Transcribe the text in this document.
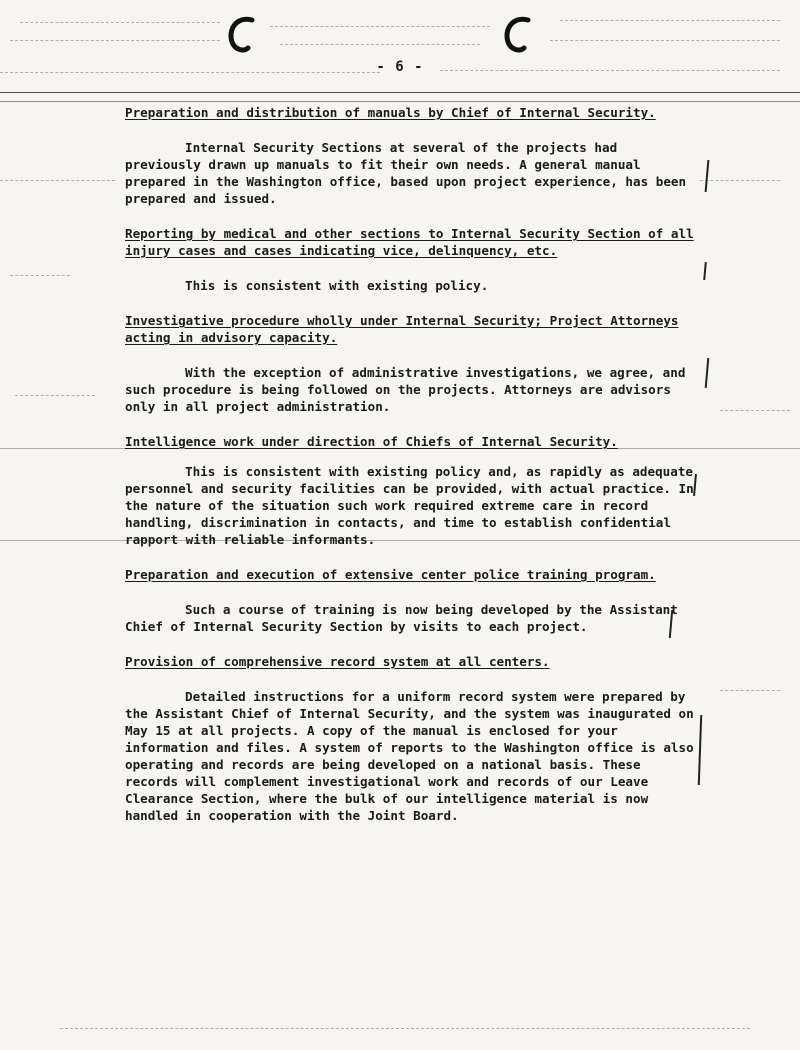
- 6 -

Preparation and distribution of manuals by Chief of Internal Security.

Internal Security Sections at several of the projects had previously drawn up manuals to fit their own needs. A general manual prepared in the Washington office, based upon project experience, has been prepared and issued.

Reporting by medical and other sections to Internal Security Section of all injury cases and cases indicating vice, delinquency, etc.

This is consistent with existing policy.

Investigative procedure wholly under Internal Security; Project Attorneys acting in advisory capacity.

With the exception of administrative investigations, we agree, and such procedure is being followed on the projects. Attorneys are advisors only in all project administration.

Intelligence work under direction of Chiefs of Internal Security.

This is consistent with existing policy and, as rapidly as adequate personnel and security facilities can be provided, with actual practice. In the nature of the situation such work required extreme care in record handling, discrimination in contacts, and time to establish confidential rapport with reliable informants.

Preparation and execution of extensive center police training program.

Such a course of training is now being developed by the Assistant Chief of Internal Security Section by visits to each project.

Provision of comprehensive record system at all centers.

Detailed instructions for a uniform record system were prepared by the Assistant Chief of Internal Security, and the system was inaugurated on May 15 at all projects. A copy of the manual is enclosed for your information and files. A system of reports to the Washington office is also operating and records are being developed on a national basis. These records will complement investigational work and records of our Leave Clearance Section, where the bulk of our intelligence material is now handled in cooperation with the Joint Board.
